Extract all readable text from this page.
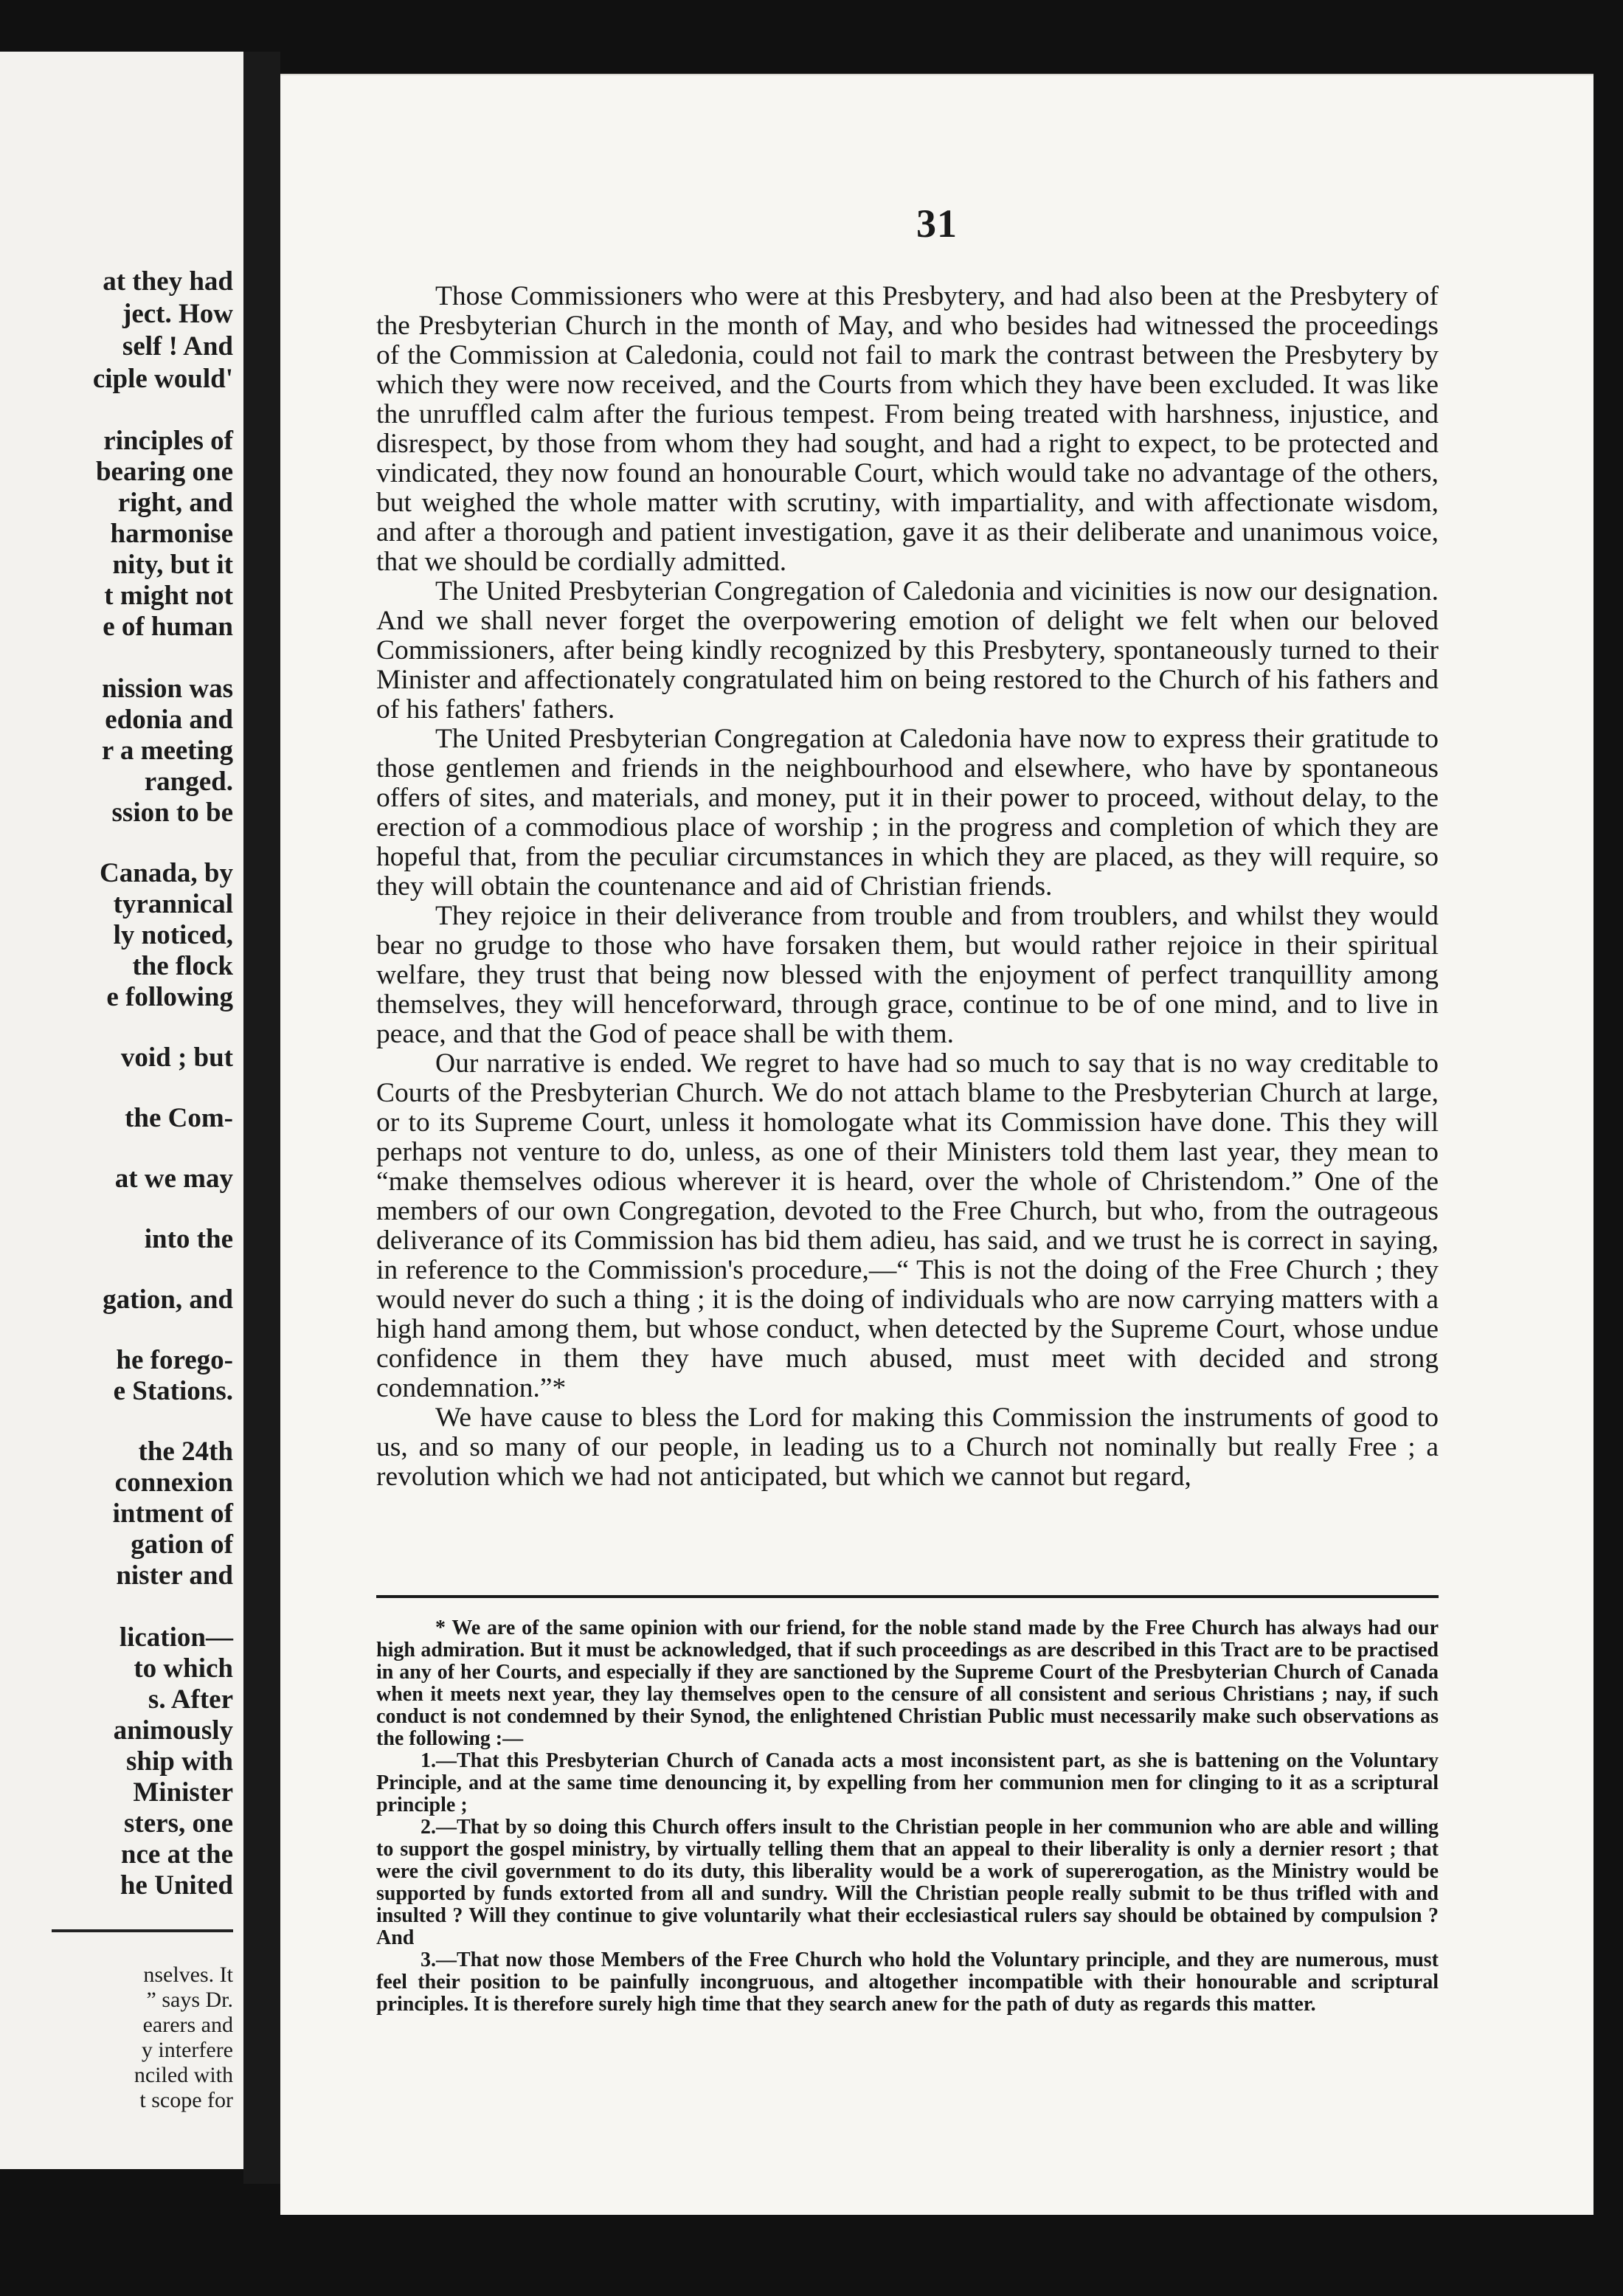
at they had
ject. How
self ! And
ciple would'
rinciples of
bearing one
right, and
harmonise
nity, but it
t might not
e of human
nission was
edonia and
r a meeting
ranged.
ssion to be
Canada, by
tyrannical
ly noticed,
the flock
e following
void ; but
the Com-
at we may
into the
gation, and
he forego-
e Stations.
the 24th
connexion
intment of
gation of
nister and
lication—
to which
s. After
animously
ship with
Minister
sters, one
nce at the
he United
nselves. It
” says Dr.
earers and
y interfere
nciled with
t scope for
31

Those Commissioners who were at this Presbytery, and had also been at the Presbytery of the Presbyterian Church in the month of May, and who besides had witnessed the proceedings of the Commission at Caledonia, could not fail to mark the contrast between the Presbytery by which they were now received, and the Courts from which they have been excluded. It was like the unruffled calm after the furious tempest. From being treated with harshness, injustice, and disrespect, by those from whom they had sought, and had a right to expect, to be protected and vindicated, they now found an honourable Court, which would take no advantage of the others, but weighed the whole matter with scrutiny, with impartiality, and with affectionate wisdom, and after a thorough and patient investigation, gave it as their deliberate and unanimous voice, that we should be cordially admitted.

The United Presbyterian Congregation of Caledonia and vicinities is now our designation. And we shall never forget the overpowering emotion of delight we felt when our beloved Commissioners, after being kindly recognized by this Presbytery, spontaneously turned to their Minister and affectionately congratulated him on being restored to the Church of his fathers and of his fathers' fathers.

The United Presbyterian Congregation at Caledonia have now to express their gratitude to those gentlemen and friends in the neighbourhood and elsewhere, who have by spontaneous offers of sites, and materials, and money, put it in their power to proceed, without delay, to the erection of a commodious place of worship ; in the progress and completion of which they are hopeful that, from the peculiar circumstances in which they are placed, as they will require, so they will obtain the countenance and aid of Christian friends.

They rejoice in their deliverance from trouble and from troublers, and whilst they would bear no grudge to those who have forsaken them, but would rather rejoice in their spiritual welfare, they trust that being now blessed with the enjoyment of perfect tranquillity among themselves, they will henceforward, through grace, continue to be of one mind, and to live in peace, and that the God of peace shall be with them.

Our narrative is ended. We regret to have had so much to say that is no way creditable to Courts of the Presbyterian Church. We do not attach blame to the Presbyterian Church at large, or to its Supreme Court, unless it homologate what its Commission have done. This they will perhaps not venture to do, unless, as one of their Ministers told them last year, they mean to “make themselves odious wherever it is heard, over the whole of Christendom.” One of the members of our own Congregation, devoted to the Free Church, but who, from the outrageous deliverance of its Commission has bid them adieu, has said, and we trust he is correct in saying, in reference to the Commission's procedure,—“ This is not the doing of the Free Church ; they would never do such a thing ; it is the doing of individuals who are now carrying matters with a high hand among them, but whose conduct, when detected by the Supreme Court, whose undue confidence in them they have much abused, must meet with decided and strong condemnation.”*

We have cause to bless the Lord for making this Commission the instruments of good to us, and so many of our people, in leading us to a Church not nominally but really Free ; a revolution which we had not anticipated, but which we cannot but regard,

* We are of the same opinion with our friend, for the noble stand made by the Free Church has always had our high admiration. But it must be acknowledged, that if such proceedings as are described in this Tract are to be practised in any of her Courts, and especially if they are sanctioned by the Supreme Court of the Presbyterian Church of Canada when it meets next year, they lay themselves open to the censure of all consistent and serious Christians ; nay, if such conduct is not condemned by their Synod, the enlightened Christian Public must necessarily make such observations as the following :—

1.—That this Presbyterian Church of Canada acts a most inconsistent part, as she is battening on the Voluntary Principle, and at the same time denouncing it, by expelling from her communion men for clinging to it as a scriptural principle ;

2.—That by so doing this Church offers insult to the Christian people in her communion who are able and willing to support the gospel ministry, by virtually telling them that an appeal to their liberality is only a dernier resort ; that were the civil government to do its duty, this liberality would be a work of supererogation, as the Ministry would be supported by funds extorted from all and sundry. Will the Christian people really submit to be thus trifled with and insulted ? Will they continue to give voluntarily what their ecclesiastical rulers say should be obtained by compulsion ? And

3.—That now those Members of the Free Church who hold the Voluntary principle, and they are numerous, must feel their position to be painfully incongruous, and altogether incompatible with their honourable and scriptural principles. It is therefore surely high time that they search anew for the path of duty as regards this matter.
